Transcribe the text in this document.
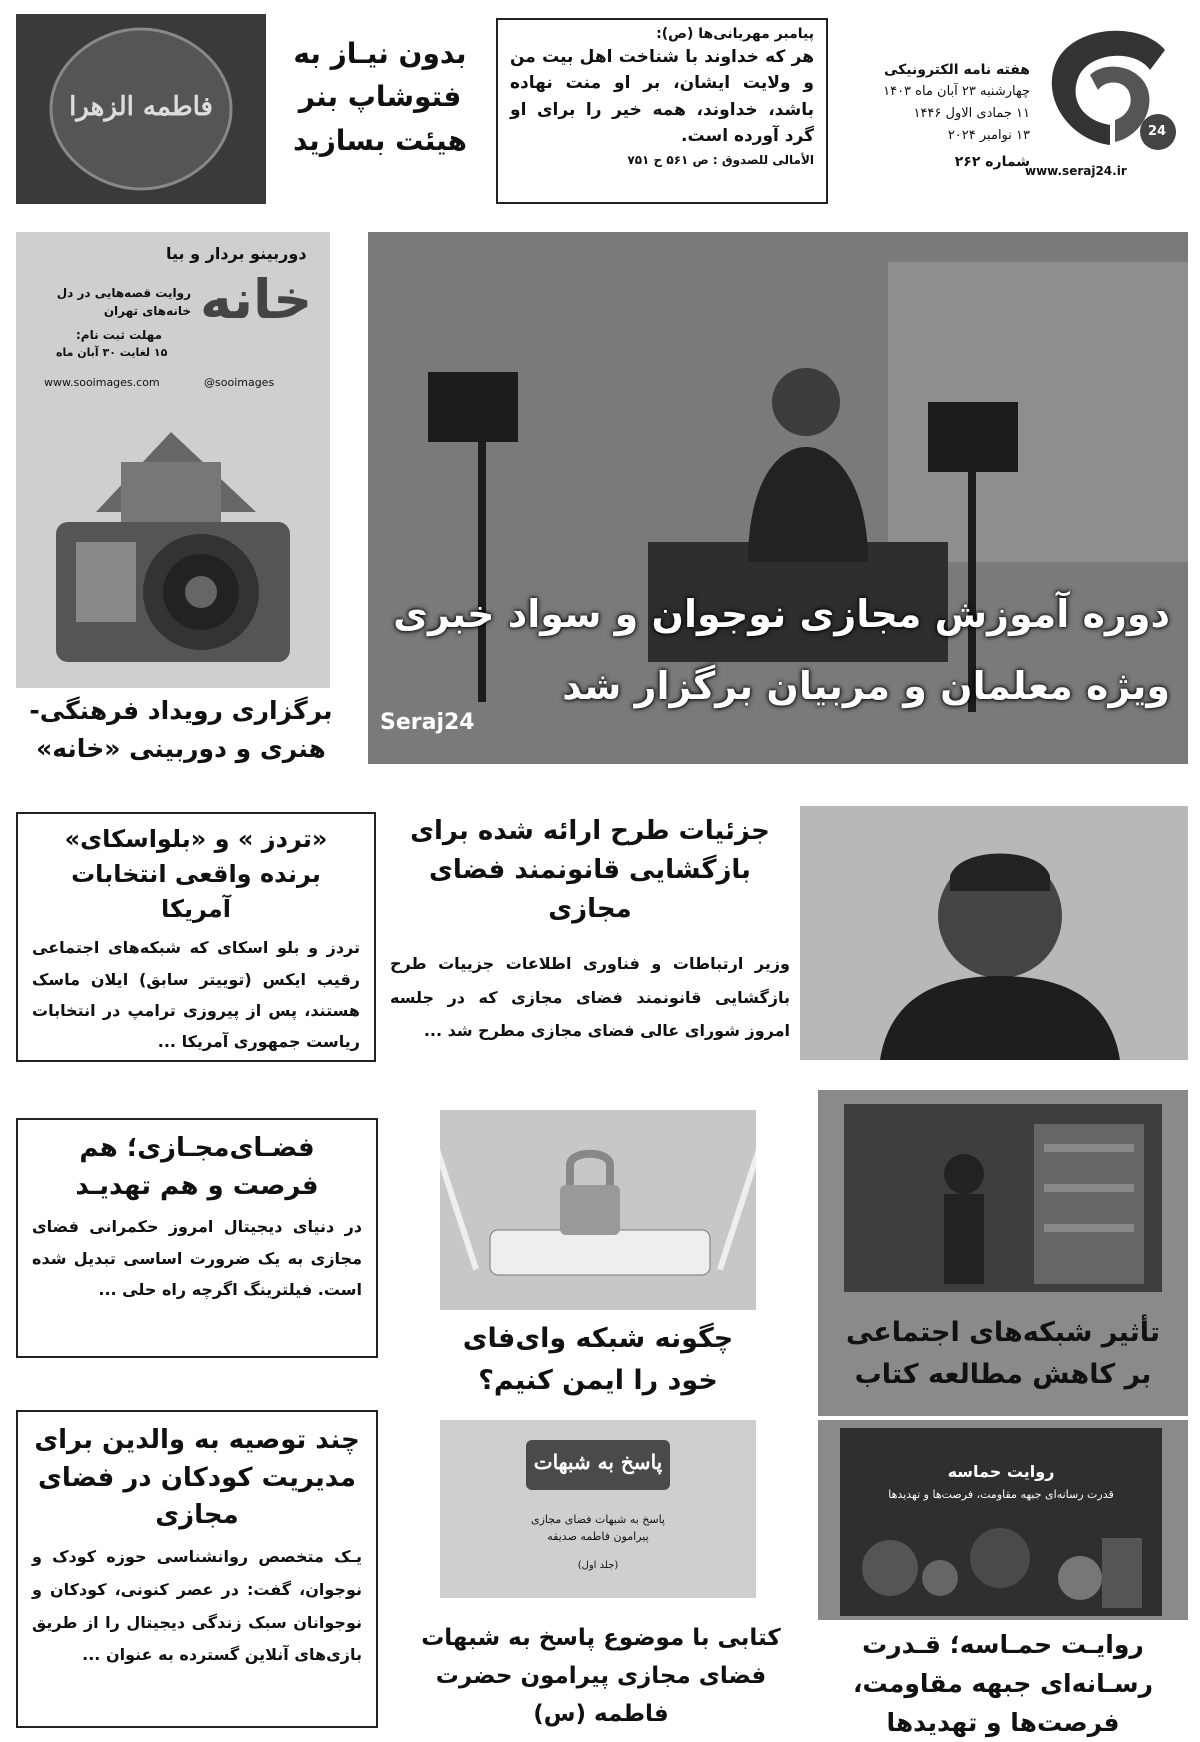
24
هفته نامه الکترونیکی
چهارشنبه ۲۳ آبان ماه ۱۴۰۳
۱۱ جمادی الاول ۱۴۴۶
۱۳ نوامبر ۲۰۲۴
شماره ۲۶۲
www.seraj24.ir
پیامبر مهربانی‌ها (ص):
هر که خداوند با شناخت اهل بیت من و ولایت ایشان، بر او منت نهاده باشد، خداوند، همه خیر را برای او گرد آورده است.
الأمالی للصدوق : ص ۵۶۱ ح ۷۵۱
بدون نیـاز به فتوشاپ بنر هیئت بسازید
فاطمه الزهرا
دوربینو بردار و بیا
خانه
روایت قصه‌هایی در دل خانه‌های تهران
مهلت ثبت نام:
۱۵ لغایت ۳۰ آبان ماه
www.sooimages.com	@sooimages
برگزاری رویداد فرهنگی-هنری و دوربینی «خانه»
دوره آموزش مجازی نوجوان و سواد خبری
ویژه معلمان و مربیان برگزار شد
Seraj24

«تردز » و «بلواسکای» برنده واقعی انتخابات آمریکا

تردز و بلو اسکای که شبکه‌های اجتماعی رقیب ایکس (توییتر سابق) ایلان ماسک هستند، پس از پیروزی ترامپ در انتخابات ریاست جمهوری آمریکا ...

جزئیات طرح ارائه شده برای بازگشایی قانونمند فضای مجازی

وزیر ارتباطات و فناوری اطلاعات جزییات طرح بازگشایی قانونمند فضای مجازی که در جلسه امروز شورای عالی فضای مجازی مطرح شد ...

فضـای‌مجـازی؛ هم فرصت و هم تهدیـد

در دنیای دیجیتال امروز حکمرانی فضای مجازی به یک ضرورت اساسی تبدیل شده است. فیلترینگ اگرچه راه حلی ...

چگونه شبکه وای‌فای خود را ایمن کنیم؟
تأثیر شبکه‌های اجتماعی بر کاهش مطالعه کتاب
روایت حماسه
قدرت رسانه‌ای جبهه مقاومت، فرصت‌ها و تهدیدها
روایـت حمـاسه؛ قـدرت رسـانه‌ای جبهه مقاومت، فرصت‌ها و تهدیدها

چند توصیه به والدین برای مدیریت کودکان در فضای مجازی

یـک متخصص روانشناسی حوزه کودک و نوجوان، گفت: در عصر کنونی، کودکان و نوجوانان سبک زندگی دیجیتال را از طریق بازی‌های آنلاین گسترده به عنوان ...

پاسخ به شبهات
پاسخ به شبهات فضای مجازی پیرامون فاطمه صدیقه
(جلد اول)
کتابی با موضوع پاسخ به شبهات فضای مجازی پیرامون حضرت فاطمه (س)
